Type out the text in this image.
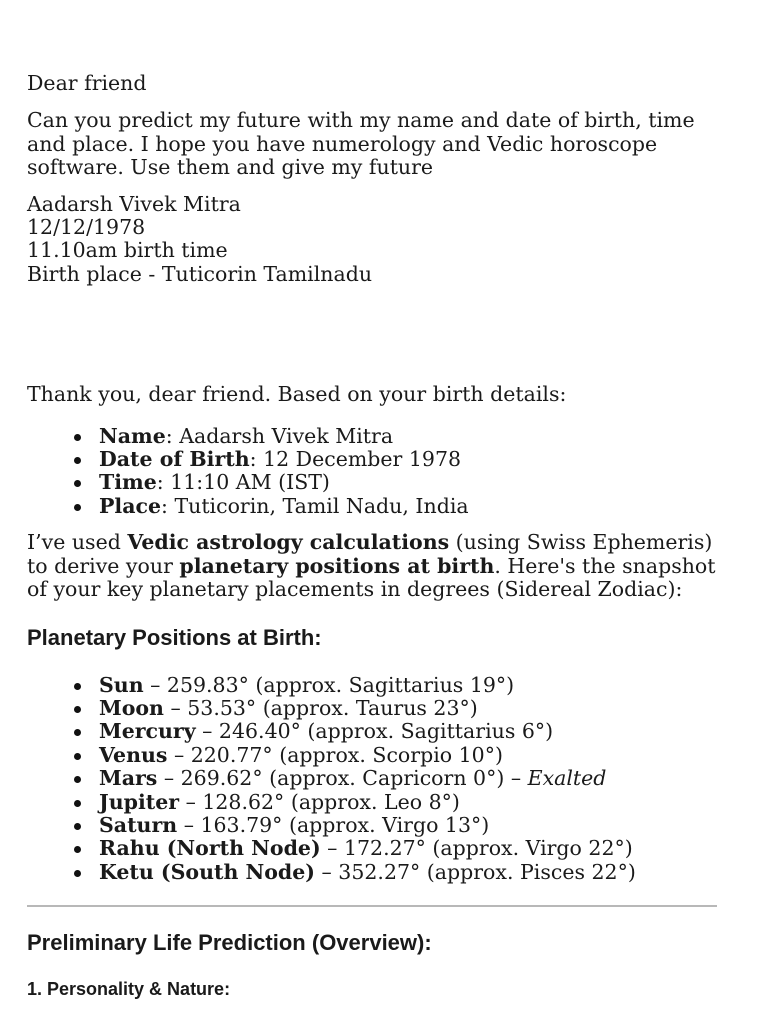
Dear friend

Can you predict my future with my name and date of birth, time and place. I hope you have numerology and Vedic horoscope software. Use them and give my future

Aadarsh Vivek Mitra

12/12/1978

11.10am birth time

Birth place - Tuticorin Tamilnadu

Thank you, dear friend. Based on your birth details:

Name: Aadarsh Vivek Mitra
Date of Birth: 12 December 1978
Time: 11:10 AM (IST)
Place: Tuticorin, Tamil Nadu, India

I’ve used Vedic astrology calculations (using Swiss Ephemeris) to derive your planetary positions at birth. Here's the snapshot of your key planetary placements in degrees (Sidereal Zodiac):

Planetary Positions at Birth:
Sun – 259.83° (approx. Sagittarius 19°)
Moon – 53.53° (approx. Taurus 23°)
Mercury – 246.40° (approx. Sagittarius 6°)
Venus – 220.77° (approx. Scorpio 10°)
Mars – 269.62° (approx. Capricorn 0°) – Exalted
Jupiter – 128.62° (approx. Leo 8°)
Saturn – 163.79° (approx. Virgo 13°)
Rahu (North Node) – 172.27° (approx. Virgo 22°)
Ketu (South Node) – 352.27° (approx. Pisces 22°)
Preliminary Life Prediction (Overview):
1. Personality & Nature:
